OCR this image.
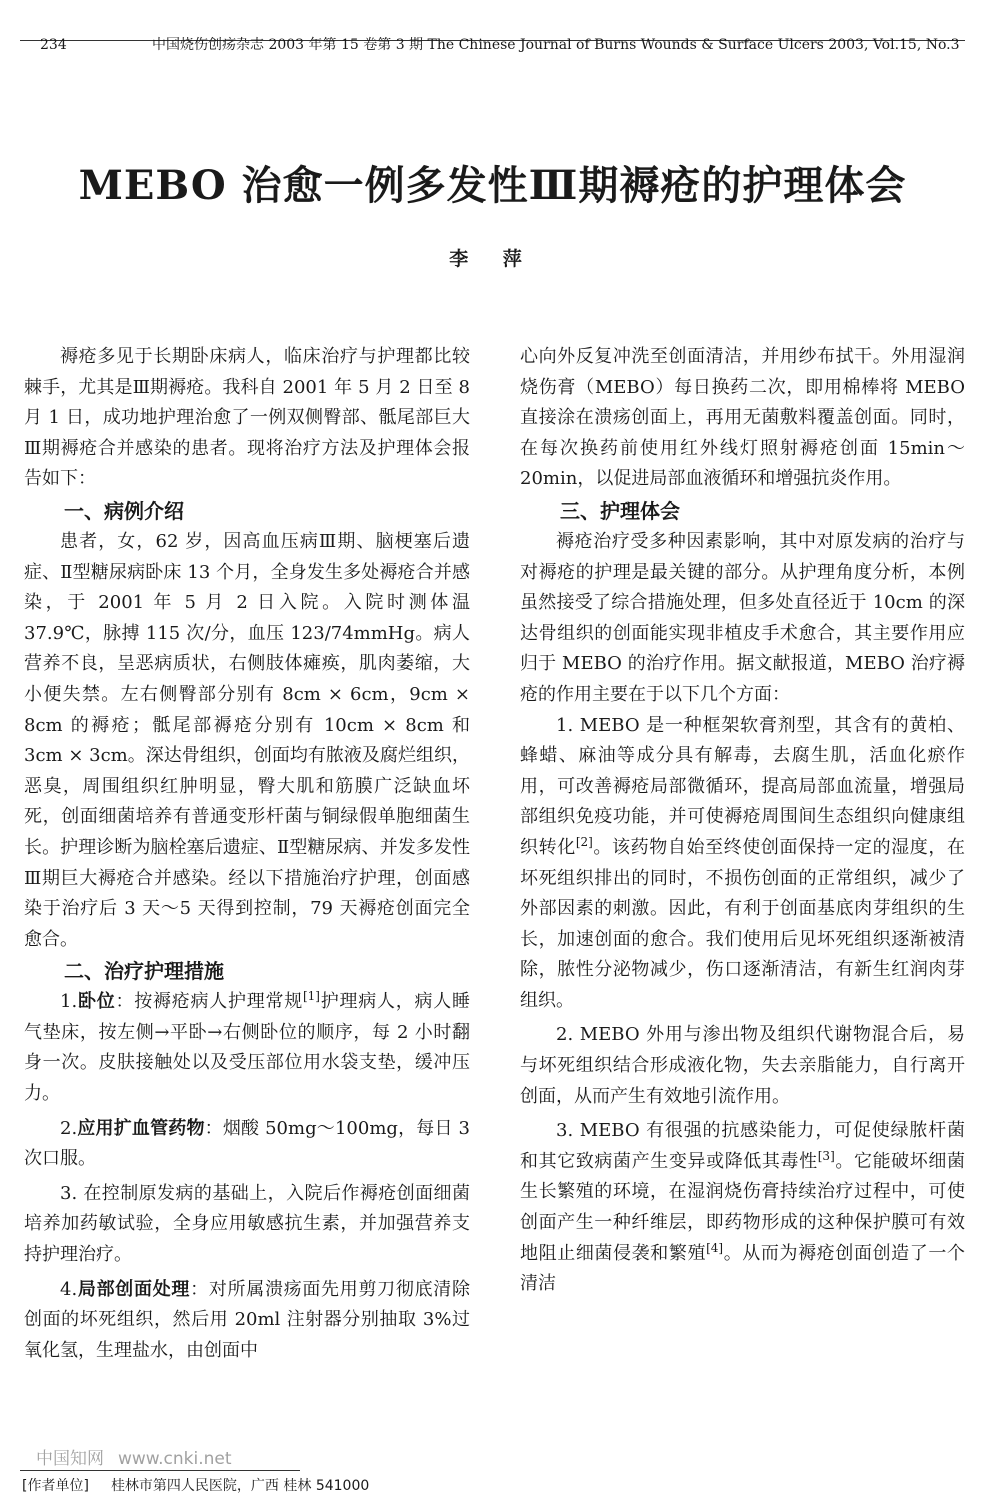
234	中国烧伤创疡杂志 2003 年第 15 卷第 3 期 The Chinese Journal of Burns Wounds & Surface Ulcers 2003, Vol.15, No.3
MEBO 治愈一例多发性Ⅲ期褥疮的护理体会
李 萍

褥疮多见于长期卧床病人，临床治疗与护理都比较棘手，尤其是Ⅲ期褥疮。我科自 2001 年 5 月 2 日至 8 月 1 日，成功地护理治愈了一例双侧臀部、骶尾部巨大Ⅲ期褥疮合并感染的患者。现将治疗方法及护理体会报告如下：

一、病例介绍

患者，女，62 岁，因高血压病Ⅲ期、脑梗塞后遗症、Ⅱ型糖尿病卧床 13 个月，全身发生多处褥疮合并感染，于 2001 年 5 月 2 日入院。入院时测体温 37.9℃，脉搏 115 次/分，血压 123/74mmHg。病人营养不良，呈恶病质状，右侧肢体瘫痪，肌肉萎缩，大小便失禁。左右侧臀部分别有 8cm × 6cm，9cm × 8cm 的褥疮；骶尾部褥疮分别有 10cm × 8cm 和 3cm × 3cm。深达骨组织，创面均有脓液及腐烂组织，恶臭，周围组织红肿明显，臀大肌和筋膜广泛缺血坏死，创面细菌培养有普通变形杆菌与铜绿假单胞细菌生长。护理诊断为脑栓塞后遗症、Ⅱ型糖尿病、并发多发性Ⅲ期巨大褥疮合并感染。经以下措施治疗护理，创面感染于治疗后 3 天～5 天得到控制，79 天褥疮创面完全愈合。

二、治疗护理措施

1.卧位：按褥疮病人护理常规[1]护理病人，病人睡气垫床，按左侧→平卧→右侧卧位的顺序，每 2 小时翻身一次。皮肤接触处以及受压部位用水袋支垫，缓冲压力。

2.应用扩血管药物：烟酸 50mg～100mg，每日 3 次口服。

3. 在控制原发病的基础上，入院后作褥疮创面细菌培养加药敏试验，全身应用敏感抗生素，并加强营养支持护理治疗。

4.局部创面处理：对所属溃疡面先用剪刀彻底清除创面的坏死组织，然后用 20ml 注射器分别抽取 3%过氧化氢，生理盐水，由创面中

心向外反复冲洗至创面清洁，并用纱布拭干。外用湿润烧伤膏（MEBO）每日换药二次，即用棉棒将 MEBO 直接涂在溃疡创面上，再用无菌敷料覆盖创面。同时，在每次换药前使用红外线灯照射褥疮创面 15min～20min，以促进局部血液循环和增强抗炎作用。

三、护理体会

褥疮治疗受多种因素影响，其中对原发病的治疗与对褥疮的护理是最关键的部分。从护理角度分析，本例虽然接受了综合措施处理，但多处直径近于 10cm 的深达骨组织的创面能实现非植皮手术愈合，其主要作用应归于 MEBO 的治疗作用。据文献报道，MEBO 治疗褥疮的作用主要在于以下几个方面：

1. MEBO 是一种框架软膏剂型，其含有的黄柏、蜂蜡、麻油等成分具有解毒，去腐生肌，活血化瘀作用，可改善褥疮局部微循环，提高局部血流量，增强局部组织免疫功能，并可使褥疮周围间生态组织向健康组织转化[2]。该药物自始至终使创面保持一定的湿度，在坏死组织排出的同时，不损伤创面的正常组织，减少了外部因素的刺激。因此，有利于创面基底肉芽组织的生长，加速创面的愈合。我们使用后见坏死组织逐渐被清除，脓性分泌物减少，伤口逐渐清洁，有新生红润肉芽组织。

2. MEBO 外用与渗出物及组织代谢物混合后，易与坏死组织结合形成液化物，失去亲脂能力，自行离开创面，从而产生有效地引流作用。

3. MEBO 有很强的抗感染能力，可促使绿脓杆菌和其它致病菌产生变异或降低其毒性[3]。它能破坏细菌生长繁殖的环境，在湿润烧伤膏持续治疗过程中，可使创面产生一种纤维层，即药物形成的这种保护膜可有效地阻止细菌侵袭和繁殖[4]。从而为褥疮创面创造了一个清洁

中国知网 www.cnki.net
[作者单位] 桂林市第四人民医院，广西 桂林 541000
